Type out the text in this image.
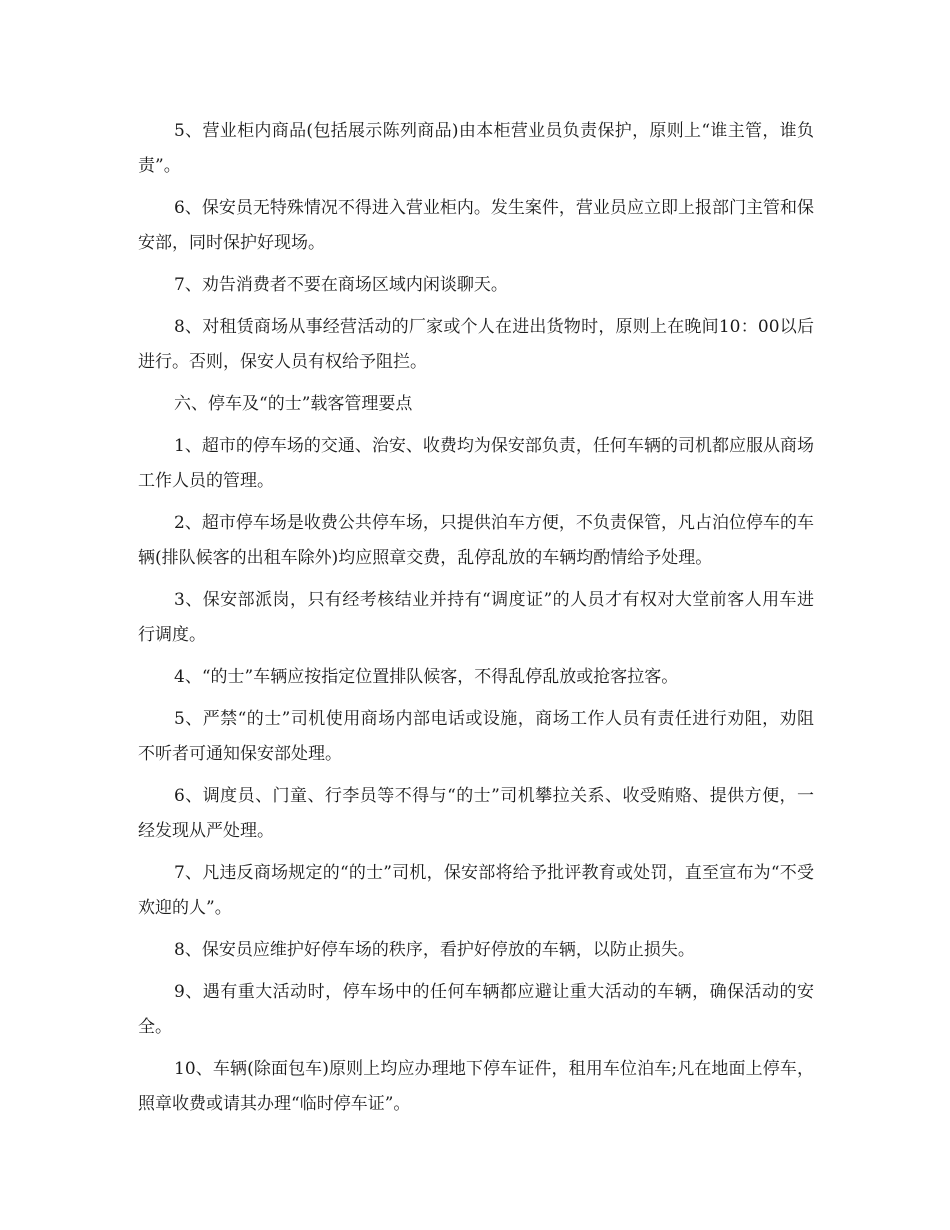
5、营业柜内商品(包括展示陈列商品)由本柜营业员负责保护，原则上“谁主管，谁负责”。

6、保安员无特殊情况不得进入营业柜内。发生案件，营业员应立即上报部门主管和保安部，同时保护好现场。

7、劝告消费者不要在商场区域内闲谈聊天。

8、对租赁商场从事经营活动的厂家或个人在进出货物时，原则上在晚间10：00以后进行。否则，保安人员有权给予阻拦。

六、停车及“的士”载客管理要点

1、超市的停车场的交通、治安、收费均为保安部负责，任何车辆的司机都应服从商场工作人员的管理。

2、超市停车场是收费公共停车场，只提供泊车方便，不负责保管，凡占泊位停车的车辆(排队候客的出租车除外)均应照章交费，乱停乱放的车辆均酌情给予处理。

3、保安部派岗，只有经考核结业并持有“调度证”的人员才有权对大堂前客人用车进行调度。

4、“的士”车辆应按指定位置排队候客，不得乱停乱放或抢客拉客。

5、严禁“的士”司机使用商场内部电话或设施，商场工作人员有责任进行劝阻，劝阻不听者可通知保安部处理。

6、调度员、门童、行李员等不得与“的士”司机攀拉关系、收受贿赂、提供方便，一经发现从严处理。

7、凡违反商场规定的“的士”司机，保安部将给予批评教育或处罚，直至宣布为“不受欢迎的人”。

8、保安员应维护好停车场的秩序，看护好停放的车辆，以防止损失。

9、遇有重大活动时，停车场中的任何车辆都应避让重大活动的车辆，确保活动的安全。

10、车辆(除面包车)原则上均应办理地下停车证件，租用车位泊车;凡在地面上停车，照章收费或请其办理“临时停车证”。
